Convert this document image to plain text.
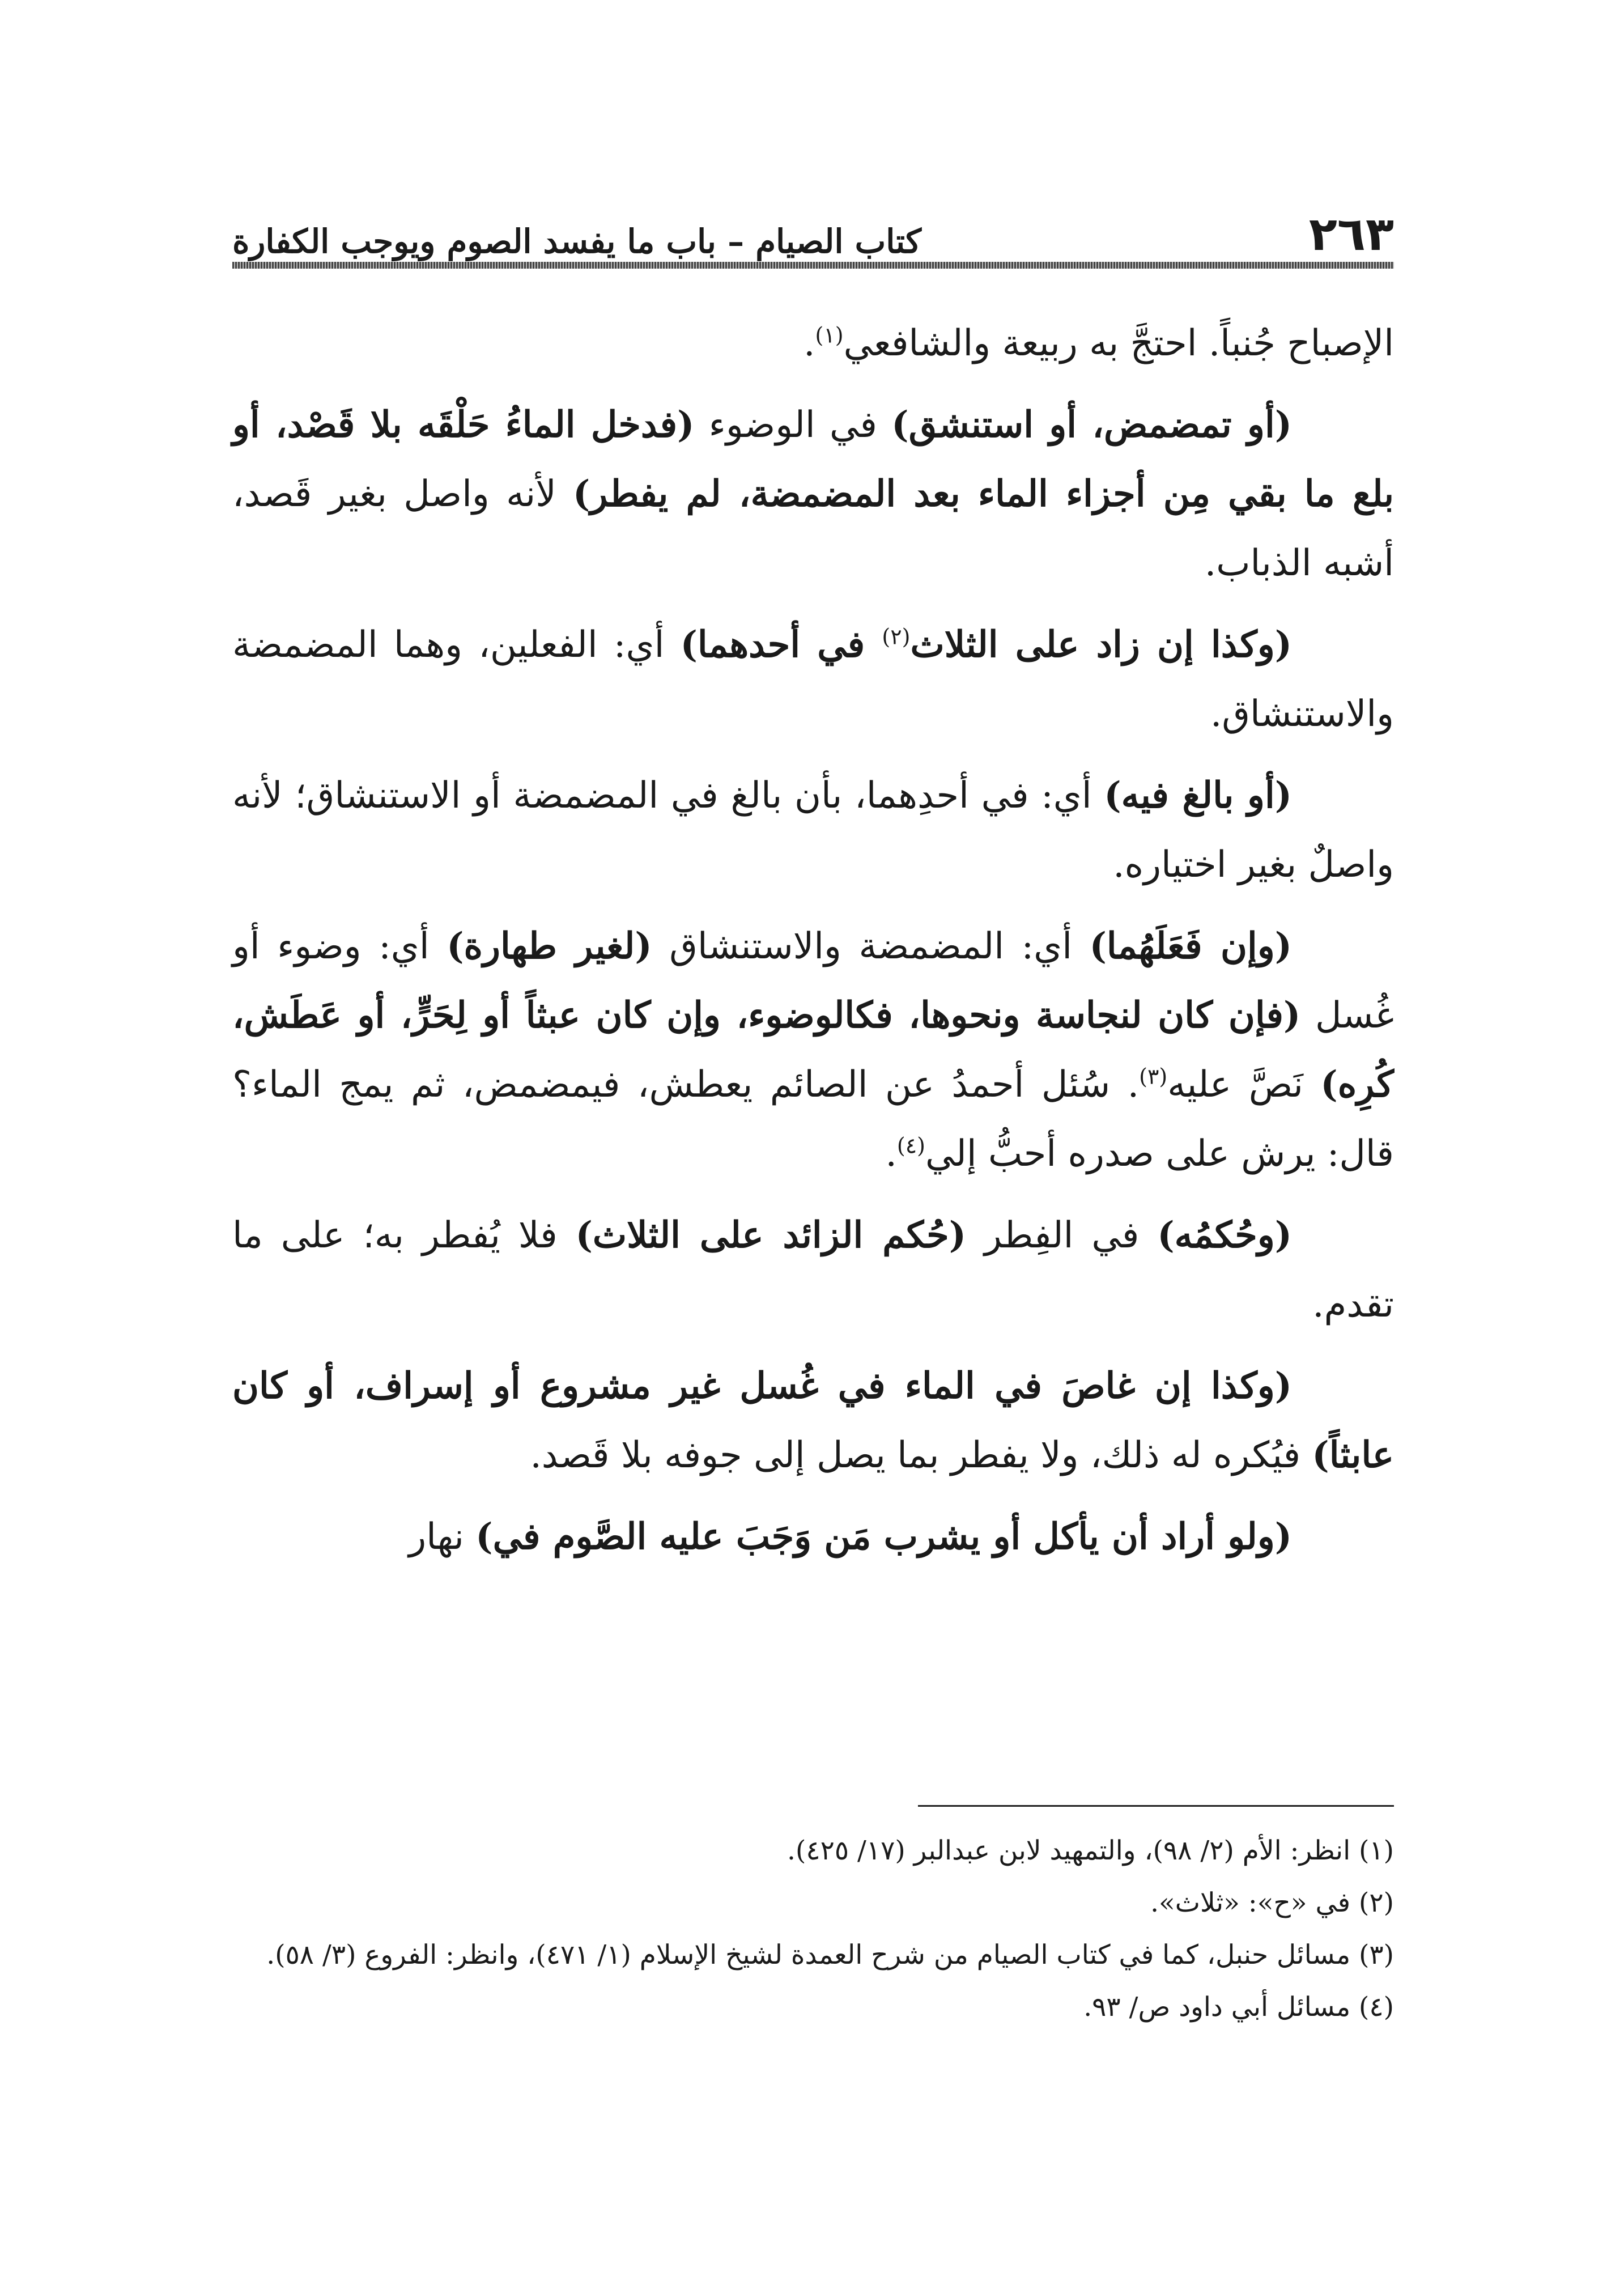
٢٦٣
كتاب الصيام – باب ما يفسد الصوم ويوجب الكفارة

الإصباح جُنباً. احتجَّ به ربيعة والشافعي$^{(١)}$.

(أو تمضمض، أو استنشق) في الوضوء (فدخل الماءُ حَلْقَه بلا قَصْد، أو بلع ما بقي مِن أجزاء الماء بعد المضمضة، لم يفطر) لأنه واصل بغير قَصد، أشبه الذباب.

(وكذا إن زاد على الثلاث$^{(٢)}$ في أحدهما) أي: الفعلين، وهما المضمضة والاستنشاق.

(أو بالغ فيه) أي: في أحدِهما، بأن بالغ في المضمضة أو الاستنشاق؛ لأنه واصلٌ بغير اختياره.

(وإن فَعَلَهُما) أي: المضمضة والاستنشاق (لغير طهارة) أي: وضوء أو غُسل (فإن كان لنجاسة ونحوها، فكالوضوء، وإن كان عبثاً أو لِحَرٍّ، أو عَطَش، كُرِه) نَصَّ عليه$^{(٣)}$. سُئل أحمدُ عن الصائم يعطش، فيمضمض، ثم يمج الماء؟ قال: يرش على صدره أحبُّ إلي$^{(٤)}$.

(وحُكمُه) في الفِطر (حُكم الزائد على الثلاث) فلا يُفطر به؛ على ما تقدم.

(وكذا إن غاصَ في الماء في غُسل غير مشروع أو إسراف، أو كان عابثاً) فيُكره له ذلك، ولا يفطر بما يصل إلى جوفه بلا قَصد.

(ولو أراد أن يأكل أو يشرب مَن وَجَبَ عليه الصَّوم في) نهار

(١) انظر: الأم (٢/ ٩٨)، والتمهيد لابن عبدالبر (١٧/ ٤٢٥).

(٢) في «ح»: «ثلاث».

(٣) مسائل حنبل، كما في كتاب الصيام من شرح العمدة لشيخ الإسلام (١/ ٤٧١)، وانظر: الفروع (٣/ ٥٨).

(٤) مسائل أبي داود ص/ ٩٣.
